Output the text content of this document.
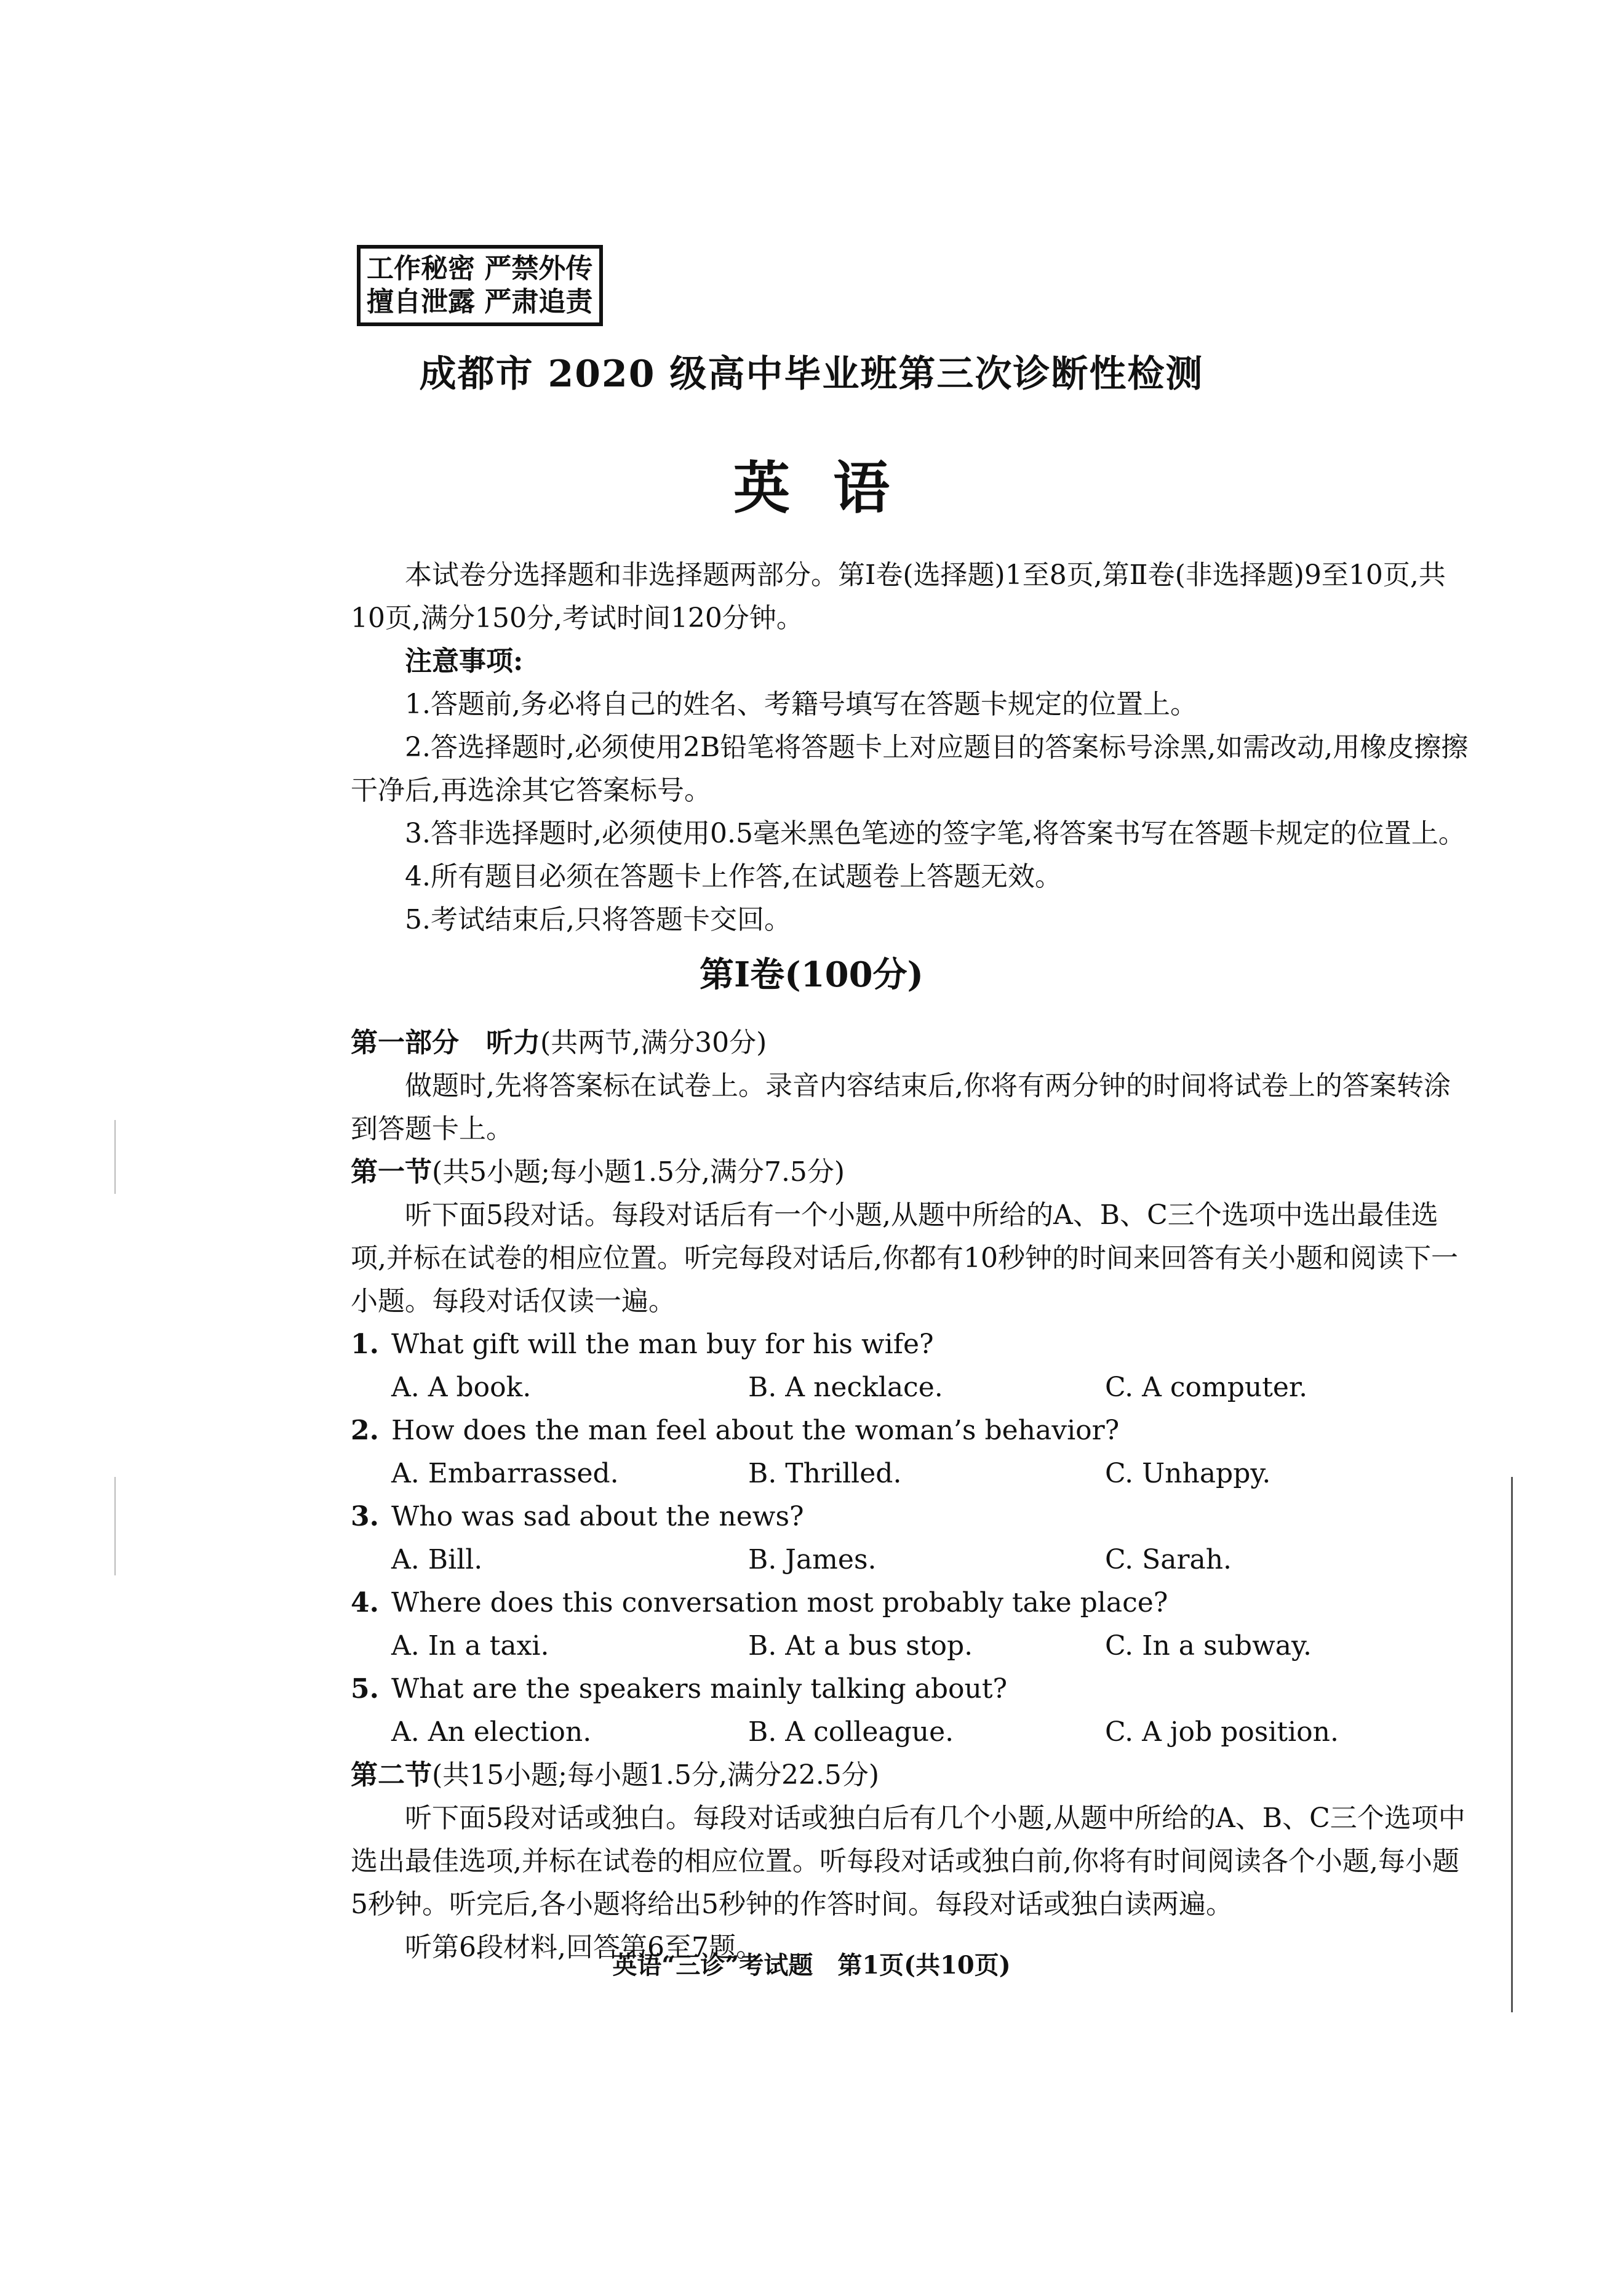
工作秘密 严禁外传
擅自泄露 严肃追责
成都市 2020 级高中毕业班第三次诊断性检测
英语

本试卷分选择题和非选择题两部分。第Ⅰ卷(选择题)1至8页,第Ⅱ卷(非选择题)9至10页,共10页,满分150分,考试时间120分钟。

注意事项:
1.答题前,务必将自己的姓名、考籍号填写在答题卡规定的位置上。

2.答选择题时,必须使用2B铅笔将答题卡上对应题目的答案标号涂黑,如需改动,用橡皮擦擦干净后,再选涂其它答案标号。

3.答非选择题时,必须使用0.5毫米黑色笔迹的签字笔,将答案书写在答题卡规定的位置上。
4.所有题目必须在答题卡上作答,在试题卷上答题无效。
5.考试结束后,只将答题卡交回。
第Ⅰ卷(100分)
第一部分　听力(共两节,满分30分)

做题时,先将答案标在试卷上。录音内容结束后,你将有两分钟的时间将试卷上的答案转涂到答题卡上。

第一节(共5小题;每小题1.5分,满分7.5分)

听下面5段对话。每段对话后有一个小题,从题中所给的A、B、C三个选项中选出最佳选项,并标在试卷的相应位置。听完每段对话后,你都有10秒钟的时间来回答有关小题和阅读下一小题。每段对话仅读一遍。

1. What gift will the man buy for his wife?
A. A book.	B. A necklace.	C. A computer.
2. How does the man feel about the woman’s behavior?
A. Embarrassed.	B. Thrilled.	C. Unhappy.
3. Who was sad about the news?
A. Bill.	B. James.	C. Sarah.
4. Where does this conversation most probably take place?
A. In a taxi.	B. At a bus stop.	C. In a subway.
5. What are the speakers mainly talking about?
A. An election.	B. A colleague.	C. A job position.
第二节(共15小题;每小题1.5分,满分22.5分)

听下面5段对话或独白。每段对话或独白后有几个小题,从题中所给的A、B、C三个选项中选出最佳选项,并标在试卷的相应位置。听每段对话或独白前,你将有时间阅读各个小题,每小题5秒钟。听完后,各小题将给出5秒钟的作答时间。每段对话或独白读两遍。

听第6段材料,回答第6至7题。

英语“三诊”考试题　第1页(共10页)
